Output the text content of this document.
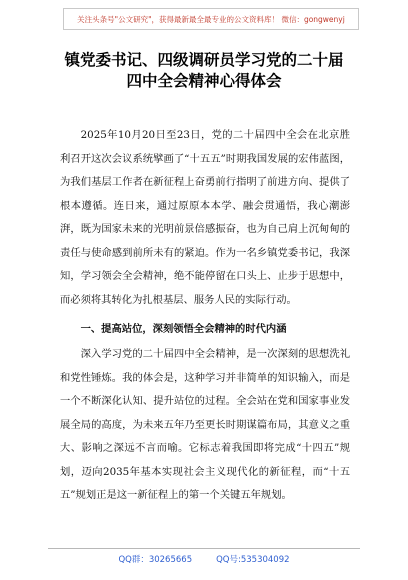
关注头条号"公文研究"，获得最新最全最专业的公文资料库！ 微信：gongwenyj
镇党委书记、四级调研员学习党的二十届
四中全会精神心得体会

2025年10月20日至23日，党的二十届四中全会在北京胜利召开这次会议系统擘画了“十五五”时期我国发展的宏伟蓝图，为我们基层工作者在新征程上奋勇前行指明了前进方向、提供了根本遵循。连日来，通过原原本本学、融会贯通悟，我心潮澎湃，既为国家未来的光明前景倍感振奋，也为自己肩上沉甸甸的责任与使命感到前所未有的紧迫。作为一名乡镇党委书记，我深知，学习领会全会精神，绝不能停留在口头上、止步于思想中，而必须将其转化为扎根基层、服务人民的实际行动。

一、提高站位，深刻领悟全会精神的时代内涵

深入学习党的二十届四中全会精神，是一次深刻的思想洗礼和党性锤炼。我的体会是，这种学习并非简单的知识输入，而是一个不断深化认知、提升站位的过程。全会站在党和国家事业发展全局的高度，为未来五年乃至更长时期谋篇布局，其意义之重大、影响之深远不言而喻。它标志着我国即将完成“十四五”规划，迈向2035年基本实现社会主义现代化的新征程，而“十五五”规划正是这一新征程上的第一个关键五年规划。

QQ群：30265665	QQ号:535304092
